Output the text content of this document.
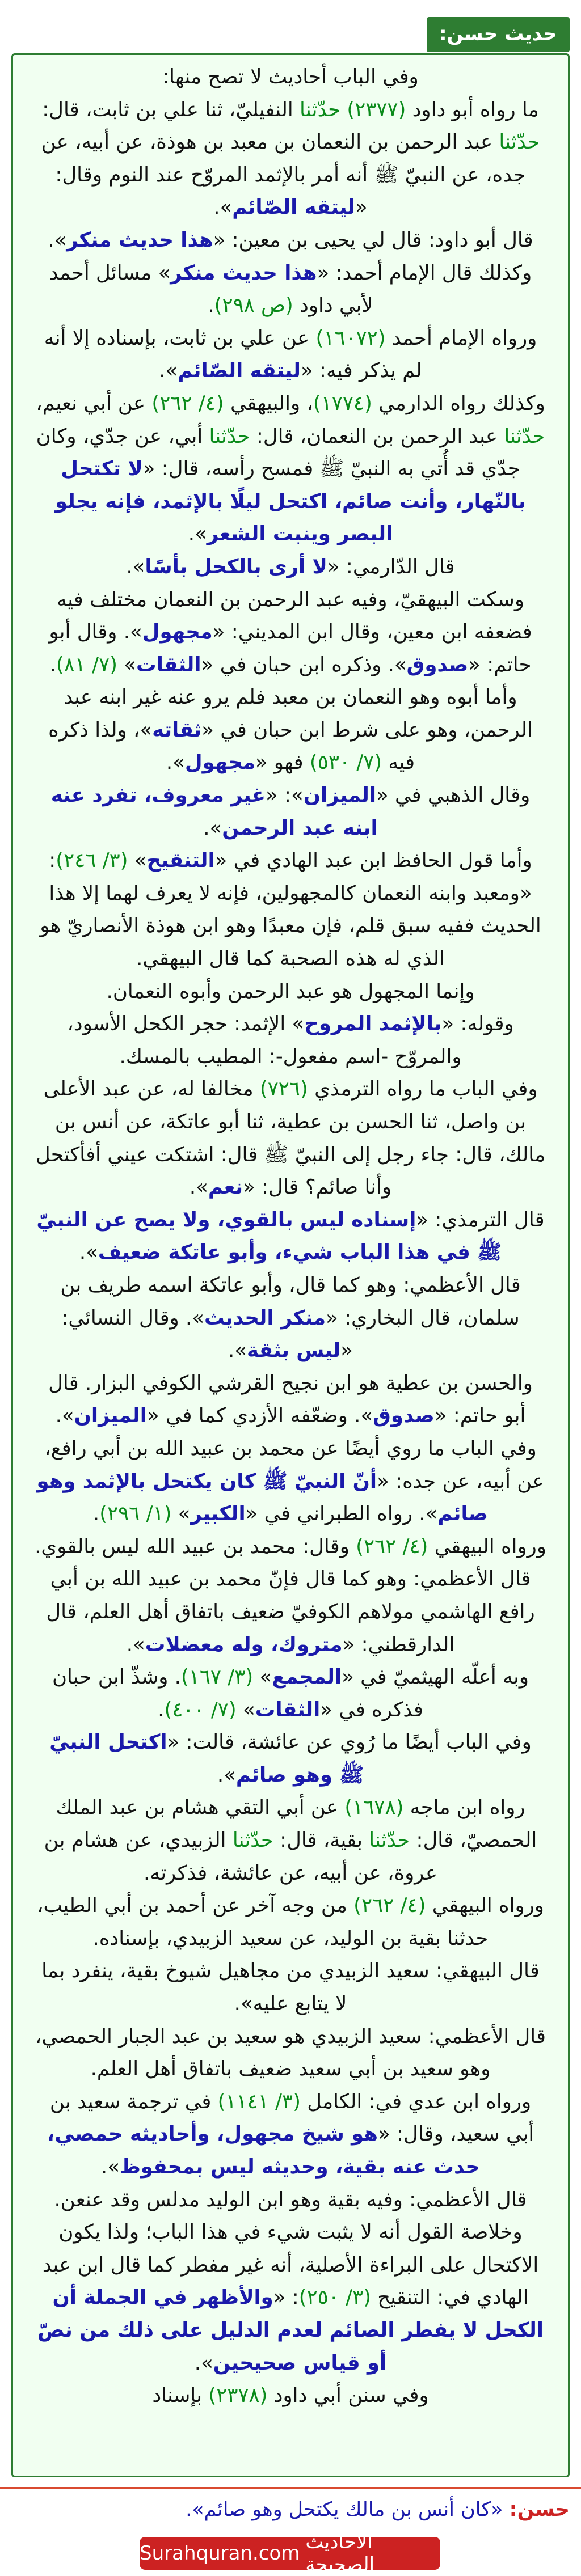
حديث حسن:

وفي الباب أحاديث لا تصح منها:

ما رواه أبو داود (٢٣٧٧) حدّثنا النفيليّ، ثنا علي بن ثابت، قال: حدّثنا عبد الرحمن بن النعمان بن معبد بن هوذة، عن أبيه، عن جده، عن النبيّ ﷺ أنه أمر بالإثمد المروّح عند النوم وقال: «ليتقه الصّائم».

قال أبو داود: قال لي يحيى بن معين: «هذا حديث منكر».

وكذلك قال الإمام أحمد: «هذا حديث منكر» مسائل أحمد لأبي داود (ص ٢٩٨).

ورواه الإمام أحمد (١٦٠٧٢) عن علي بن ثابت، بإسناده إلا أنه لم يذكر فيه: «ليتقه الصّائم».

وكذلك رواه الدارمي (١٧٧٤)، والبيهقي (٤/ ٢٦٢) عن أبي نعيم، حدّثنا عبد الرحمن بن النعمان، قال: حدّثنا أبي، عن جدّي، وكان جدّي قد أُتي به النبيّ ﷺ فمسح رأسه، قال: «لا تكتحل بالنّهار، وأنت صائم، اكتحل ليلًا بالإثمد، فإنه يجلو البصر وينبت الشعر».

قال الدّارمي: «لا أرى بالكحل بأسًا».

وسكت البيهقيّ، وفيه عبد الرحمن بن النعمان مختلف فيه فضعفه ابن معين، وقال ابن المديني: «مجهول». وقال أبو حاتم: «صدوق». وذكره ابن حبان في «الثقات» (٧/ ٨١).

وأما أبوه وهو النعمان بن معبد فلم يرو عنه غير ابنه عبد الرحمن، وهو على شرط ابن حبان في «ثقاته»، ولذا ذكره فيه (٧/ ٥٣٠) فهو «مجهول».

وقال الذهبي في «الميزان»: «غير معروف، تفرد عنه ابنه عبد الرحمن».

وأما قول الحافظ ابن عبد الهادي في «التنقيح» (٣/ ٢٤٦): «ومعبد وابنه النعمان كالمجهولين، فإنه لا يعرف لهما إلا هذا الحديث ففيه سبق قلم، فإن معبدًا وهو ابن هوذة الأنصاريّ هو الذي له هذه الصحبة كما قال البيهقي.

وإنما المجهول هو عبد الرحمن وأبوه النعمان.

وقوله: «بالإثمد المروح» الإثمد: حجر الكحل الأسود، والمروّح -اسم مفعول-: المطيب بالمسك.

وفي الباب ما رواه الترمذي (٧٢٦) مخالفا له، عن عبد الأعلى بن واصل، ثنا الحسن بن عطية، ثنا أبو عاتكة، عن أنس بن مالك، قال: جاء رجل إلى النبيّ ﷺ قال: اشتكت عيني أفأكتحل وأنا صائم؟ قال: «نعم».

قال الترمذي: «إسناده ليس بالقوي، ولا يصح عن النبيّ ﷺ في هذا الباب شيء، وأبو عاتكة ضعيف».

قال الأعظمي: وهو كما قال، وأبو عاتكة اسمه طريف بن سلمان، قال البخاري: «منكر الحديث». وقال النسائي: «ليس بثقة».

والحسن بن عطية هو ابن نجيح القرشي الكوفي البزار. قال أبو حاتم: «صدوق». وضعّفه الأزدي كما في «الميزان».

وفي الباب ما روي أيضًا عن محمد بن عبيد الله بن أبي رافع، عن أبيه، عن جده: «أنّ النبيّ ﷺ كان يكتحل بالإثمد وهو صائم». رواه الطبراني في «الكبير» (١/ ٢٩٦).

ورواه البيهقي (٤/ ٢٦٢) وقال: محمد بن عبيد الله ليس بالقوي.

قال الأعظمي: وهو كما قال فإنّ محمد بن عبيد الله بن أبي رافع الهاشمي مولاهم الكوفيّ ضعيف باتفاق أهل العلم، قال الدارقطني: «متروك، وله معضلات».

وبه أعلّه الهيثميّ في «المجمع» (٣/ ١٦٧). وشذّ ابن حبان فذكره في «الثقات» (٧/ ٤٠٠).

وفي الباب أيضًا ما رُوي عن عائشة، قالت: «اكتحل النبيّ ﷺ وهو صائم».

رواه ابن ماجه (١٦٧٨) عن أبي التقي هشام بن عبد الملك الحمصيّ، قال: حدّثنا بقية، قال: حدّثنا الزبيدي، عن هشام بن عروة، عن أبيه، عن عائشة، فذكرته.

ورواه البيهقي (٤/ ٢٦٢) من وجه آخر عن أحمد بن أبي الطيب، حدثنا بقية بن الوليد، عن سعيد الزبيدي، بإسناده.

قال البيهقي: سعيد الزبيدي من مجاهيل شيوخ بقية، ينفرد بما لا يتابع عليه».

قال الأعظمي: سعيد الزبيدي هو سعيد بن عبد الجبار الحمصي، وهو سعيد بن أبي سعيد ضعيف باتفاق أهل العلم.

ورواه ابن عدي في: الكامل (٣/ ١١٤١) في ترجمة سعيد بن أبي سعيد، وقال: «هو شيخ مجهول، وأحاديثه حمصي، حدث عنه بقية، وحديثه ليس بمحفوظ».

قال الأعظمي: وفيه بقية وهو ابن الوليد مدلس وقد عنعن. وخلاصة القول أنه لا يثبت شيء في هذا الباب؛ ولذا يكون الاكتحال على البراءة الأصلية، أنه غير مفطر كما قال ابن عبد الهادي في: التنقيح (٣/ ٢٥٠): «والأظهر في الجملة أن الكحل لا يفطر الصائم لعدم الدليل على ذلك من نصّ أو قياس صحيحين».

وفي سنن أبي داود (٢٣٧٨) بإسناد

حسن: «كان أنس بن مالك يكتحل وهو صائم».
Surahquran.com الأحاديث الصحيحة
